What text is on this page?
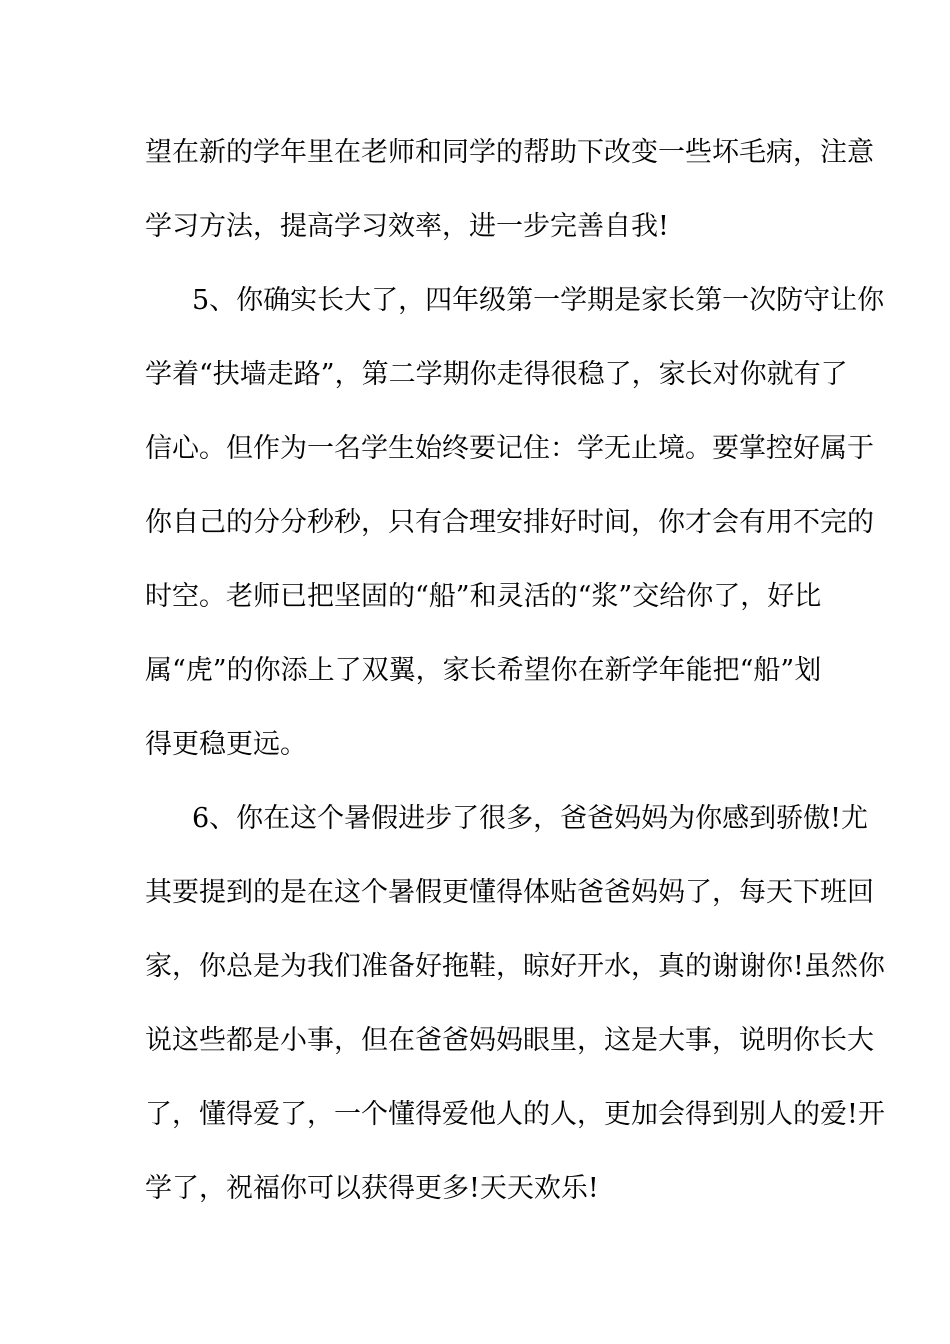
望在新的学年里在老师和同学的帮助下改变一些坏毛病，注意
学习方法，提高学习效率，进一步完善自我!
5、你确实长大了，四年级第一学期是家长第一次防守让你
学着“扶墙走路”，第二学期你走得很稳了，家长对你就有了
信心。但作为一名学生始终要记住：学无止境。要掌控好属于
你自己的分分秒秒，只有合理安排好时间，你才会有用不完的
时空。老师已把坚固的“船”和灵活的“浆”交给你了，好比
属“虎”的你添上了双翼，家长希望你在新学年能把“船”划
得更稳更远。
6、你在这个暑假进步了很多，爸爸妈妈为你感到骄傲!尤
其要提到的是在这个暑假更懂得体贴爸爸妈妈了，每天下班回
家，你总是为我们准备好拖鞋，晾好开水，真的谢谢你!虽然你
说这些都是小事，但在爸爸妈妈眼里，这是大事，说明你长大
了，懂得爱了，一个懂得爱他人的人，更加会得到别人的爱!开
学了，祝福你可以获得更多!天天欢乐!
